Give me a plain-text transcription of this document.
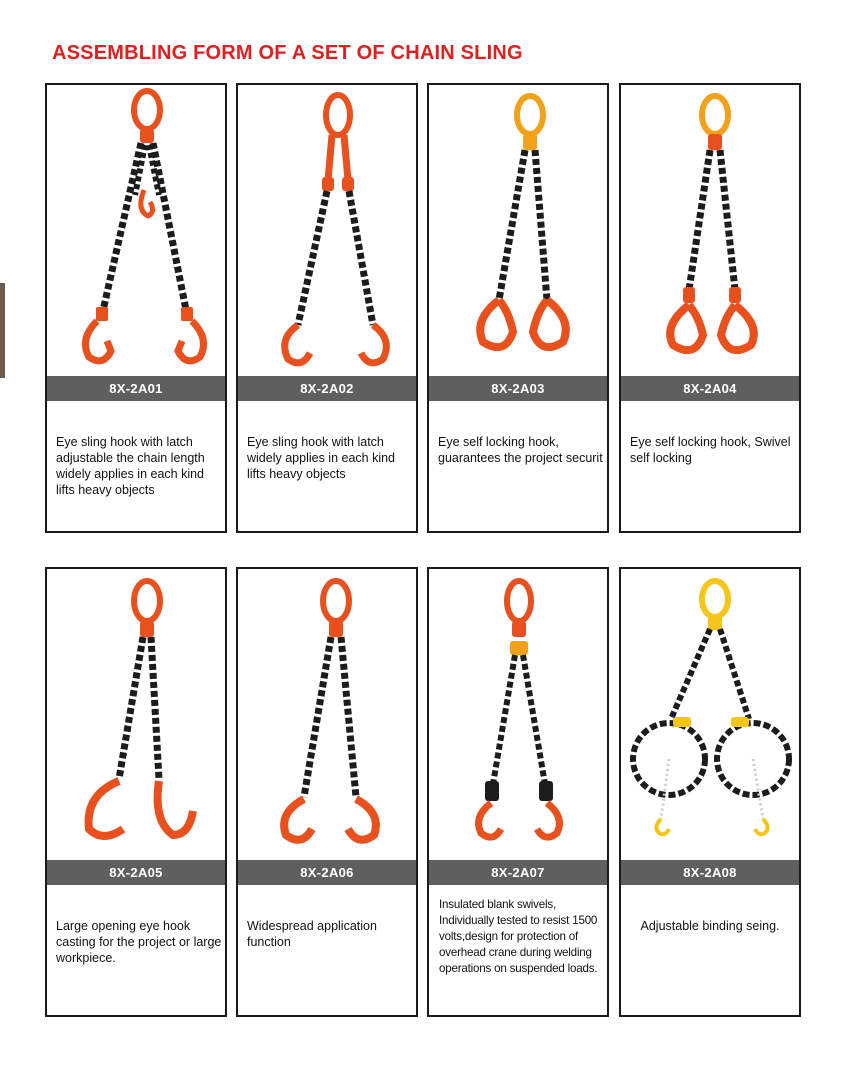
ASSEMBLING FORM OF A SET OF CHAIN SLING
8X-2A01
Eye sling hook with latch adjustable the chain length widely applies in each kind lifts heavy objects
8X-2A02
Eye sling hook with latch widely applies in each kind lifts heavy objects
8X-2A03
Eye self locking hook, guarantees the project securit
8X-2A04
Eye self locking hook, Swivel self locking
8X-2A05
Large opening eye hook casting for the project or large workpiece.
8X-2A06
Widespread application function
8X-2A07
Insulated blank swivels, Individually tested to resist 1500 volts,design for protection of overhead crane during welding operations on suspended loads.
8X-2A08
Adjustable binding seing.
